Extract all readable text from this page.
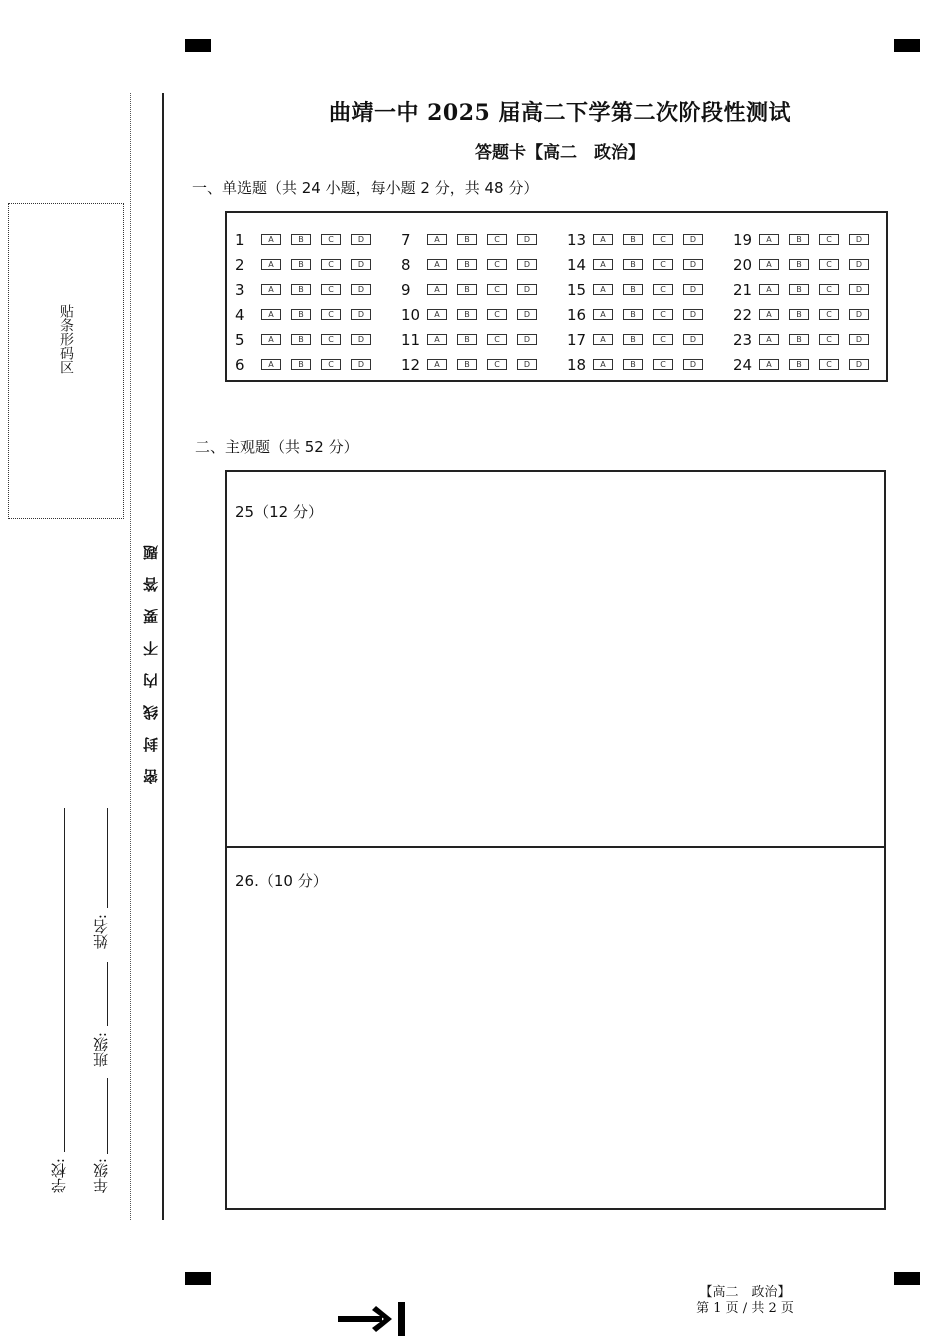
曲靖一中 2025 届高二下学第二次阶段性测试
答题卡【高二　政治】
贴条形码区
密封线内不要答题
学校: 年级:
班级:
姓名:
一、单选题（共 24 小题，每小题 2 分，共 48 分）
1	A	B	C	D
2	A	B	C	D
3	A	B	C	D
4	A	B	C	D
5	A	B	C	D
6	A	B	C	D
7	A	B	C	D
8	A	B	C	D
9	A	B	C	D
10	A	B	C	D
11	A	B	C	D
12	A	B	C	D
13	A	B	C	D
14	A	B	C	D
15	A	B	C	D
16	A	B	C	D
17	A	B	C	D
18	A	B	C	D
19	A	B	C	D
20	A	B	C	D
21	A	B	C	D
22	A	B	C	D
23	A	B	C	D
24	A	B	C	D
二、主观题（共 52 分）
25（12 分）
26.（10 分）
【高二　政治】
第 1 页 / 共 2 页
